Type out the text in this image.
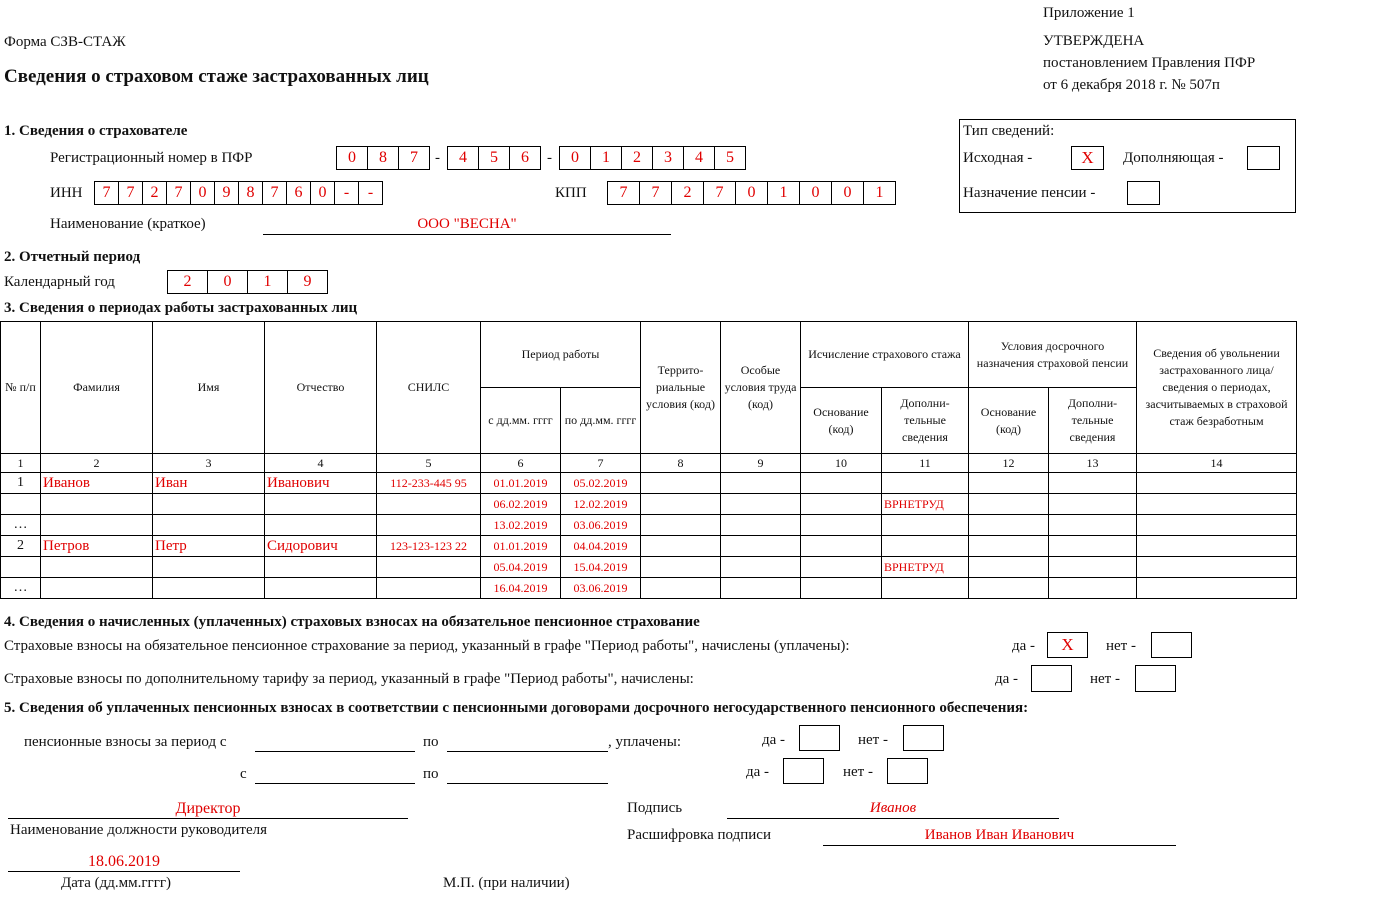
Приложение 1
УТВЕРЖДЕНА
постановлением Правления ПФР
от 6 декабря 2018 г. № 507п
Форма СЗВ-СТАЖ
Сведения о страховом стаже застрахованных лиц
1. Сведения о страхователе
Регистрационный номер в ПФР	0	8	7	-	4	5	6	-	0	1	2	3	4	5
ИНН	7	7	2	7	0	9	8	7	6	0	-	-	КПП	7	7	2	7	0	1	0	0	1
Наименование (краткое)	ООО "ВЕСНА"
Тип сведений:
Исходная -	X	Дополняющая -
Назначение пенсии -
2. Отчетный период
Календарный год	2	0	1	9
3. Сведения о периодах работы застрахованных лиц
№ п/п	Фамилия	Имя	Отчество	СНИЛС	Период работы		Террито- риальные условия (код)	Особые условия труда (код)	Исчисление страхового стажа		Условия досрочного назначения страховой пенсии		Сведения об увольнении застрахованного лица/ сведения о периодах, засчитываемых в страховой стаж безработным
					с дд.мм. гггг	по дд.мм. гггг			Основание (код)	Дополни- тельные сведения	Основание (код)	Дополни- тельные сведения	
1	2	3	4	5	6	7	8	9	10	11	12	13	14
1	Иванов	Иван	Иванович	112-233-445 95	01.01.2019	05.02.2019							
					06.02.2019	12.02.2019				ВРНЕТРУД			
…					13.02.2019	03.06.2019							
2	Петров	Петр	Сидорович	123-123-123 22	01.01.2019	04.04.2019							
					05.04.2019	15.04.2019				ВРНЕТРУД			
…					16.04.2019	03.06.2019							
4. Сведения о начисленных (уплаченных) страховых взносах на обязательное пенсионное страхование
Страховые взносы на обязательное пенсионное страхование за период, указанный в графе "Период работы", начислены (уплачены):	да -	X	нет -
Страховые взносы по дополнительному тарифу за период, указанный в графе "Период работы", начислены:	да -	нет -
5. Сведения об уплаченных пенсионных взносах в соответствии с пенсионными договорами досрочного негосударственного пенсионного обеспечения:
пенсионные взносы за период с	по	, уплачены:	да -	нет -
с	по	да -	нет -
Директор
Наименование должности руководителя
18.06.2019
Дата (дд.мм.гггг)
Подпись	Иванов
Расшифровка подписи	Иванов Иван Иванович
М.П. (при наличии)
